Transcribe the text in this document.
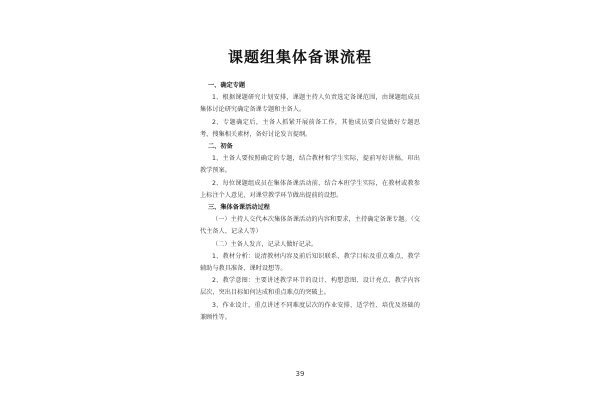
课题组集体备课流程
一、确定专题
1、根据课题研究计划安排，课题主持人负责选定备课范围，由课题组成员集体讨论研究确定备课专题和主备人。
2、专题确定后，主备人抓紧开展前备工作，其他成员要自觉做好专题思考，搜集相关素材，备好讨论发言提纲。
二、初备
1、主备人要按照确定的专题，结合教材和学生实际，提前写好讲稿，印出教学预案。
2、每位课题组成员在集体备课活动前，结合本班学生实际，在教材或教参上标注个人意见，对课堂教学环节做出提前的设想。
三、集体备课活动过程
（一）主持人交代本次集体备课活动的内容和要求，主持确定备课专题。（交代主备人、记录人等）
（二）主备人发言，记录人做好记录。
1、教材分析：说清教材内容及前后知识联系、教学目标及重点难点、教学辅助与教具准备、课时设想等。
2、教学意图：主要讲述教学环节的设计、构想意图、设计亮点、教学内容层次，突出目标如何达成和重点难点的突破上。
3、作业设计，重点讲述不同难度层次的作业安排、适学性、培优及基础的兼顾性等。
39
